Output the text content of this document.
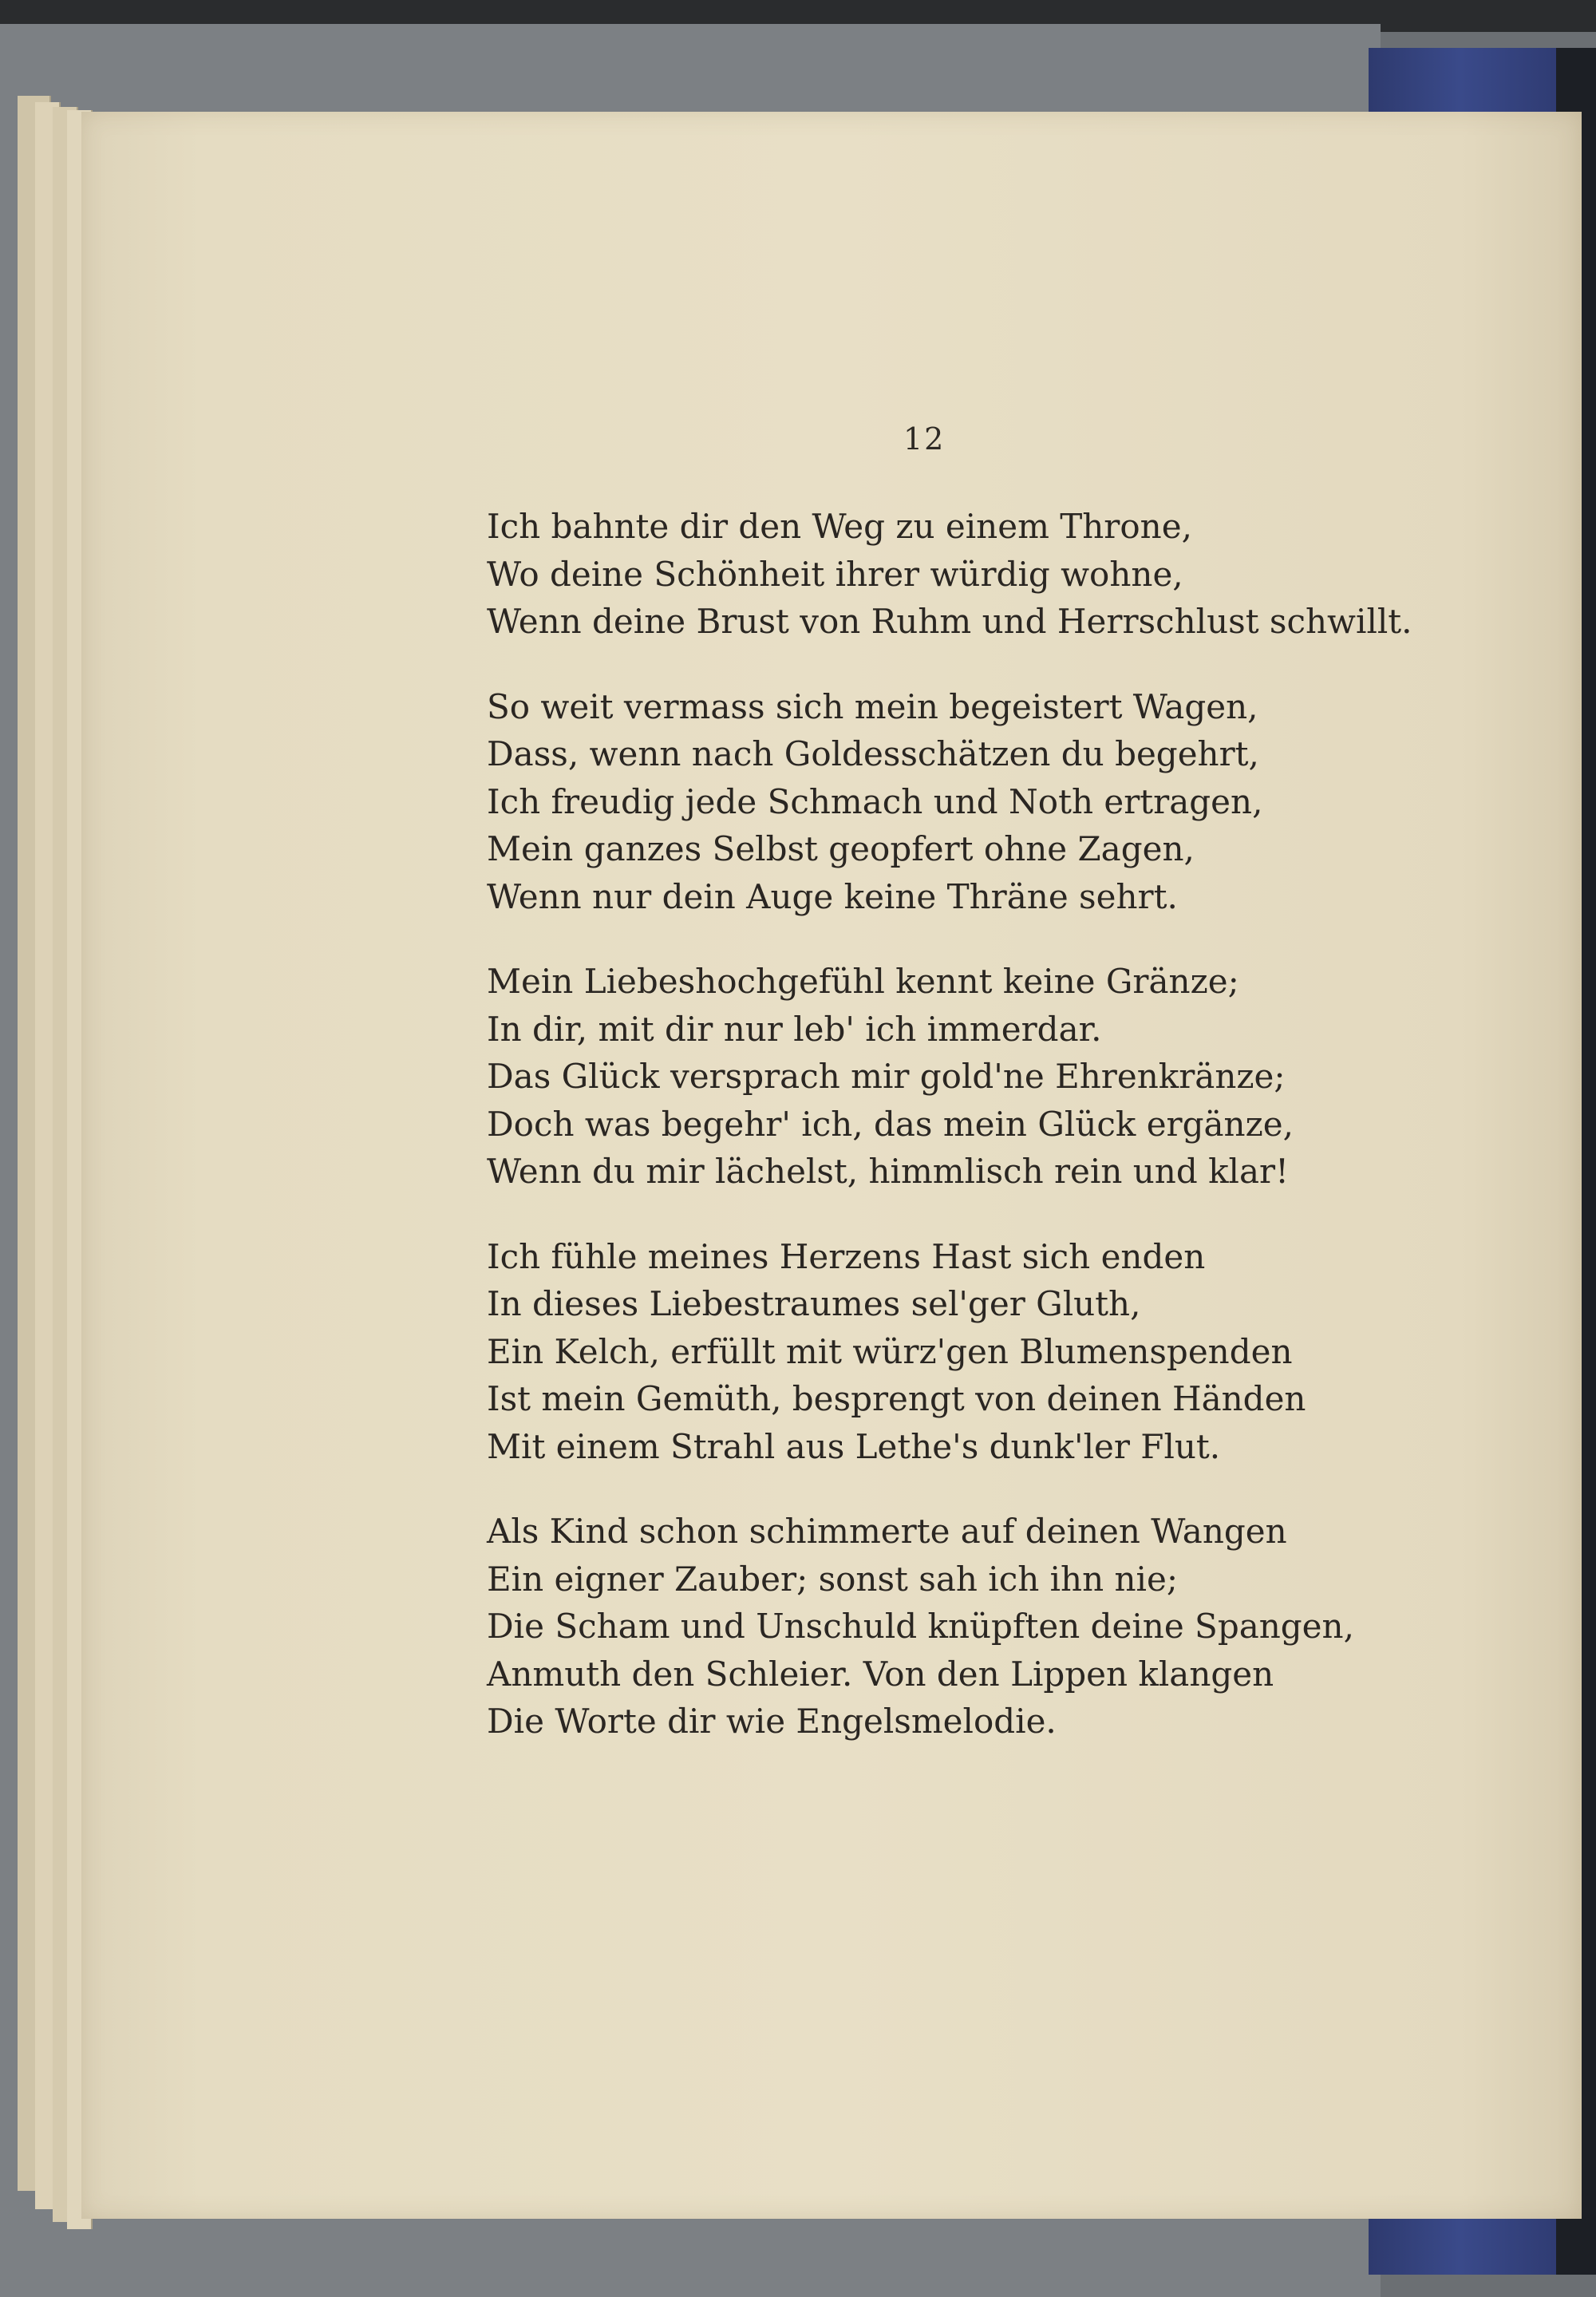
12
Ich bahnte dir den Weg zu einem Throne,
Wo deine Schönheit ihrer würdig wohne,
Wenn deine Brust von Ruhm und Herrschlust schwillt.
So weit vermass sich mein begeistert Wagen,
Dass, wenn nach Goldesschätzen du begehrt,
Ich freudig jede Schmach und Noth ertragen,
Mein ganzes Selbst geopfert ohne Zagen,
Wenn nur dein Auge keine Thräne sehrt.
Mein Liebeshochgefühl kennt keine Gränze;
In dir, mit dir nur leb' ich immerdar.
Das Glück versprach mir gold'ne Ehrenkränze;
Doch was begehr' ich, das mein Glück ergänze,
Wenn du mir lächelst, himmlisch rein und klar!
Ich fühle meines Herzens Hast sich enden
In dieses Liebestraumes sel'ger Gluth,
Ein Kelch, erfüllt mit würz'gen Blumenspenden
Ist mein Gemüth, besprengt von deinen Händen
Mit einem Strahl aus Lethe's dunk'ler Flut.
Als Kind schon schimmerte auf deinen Wangen
Ein eigner Zauber; sonst sah ich ihn nie;
Die Scham und Unschuld knüpften deine Spangen,
Anmuth den Schleier. Von den Lippen klangen
Die Worte dir wie Engelsmelodie.
